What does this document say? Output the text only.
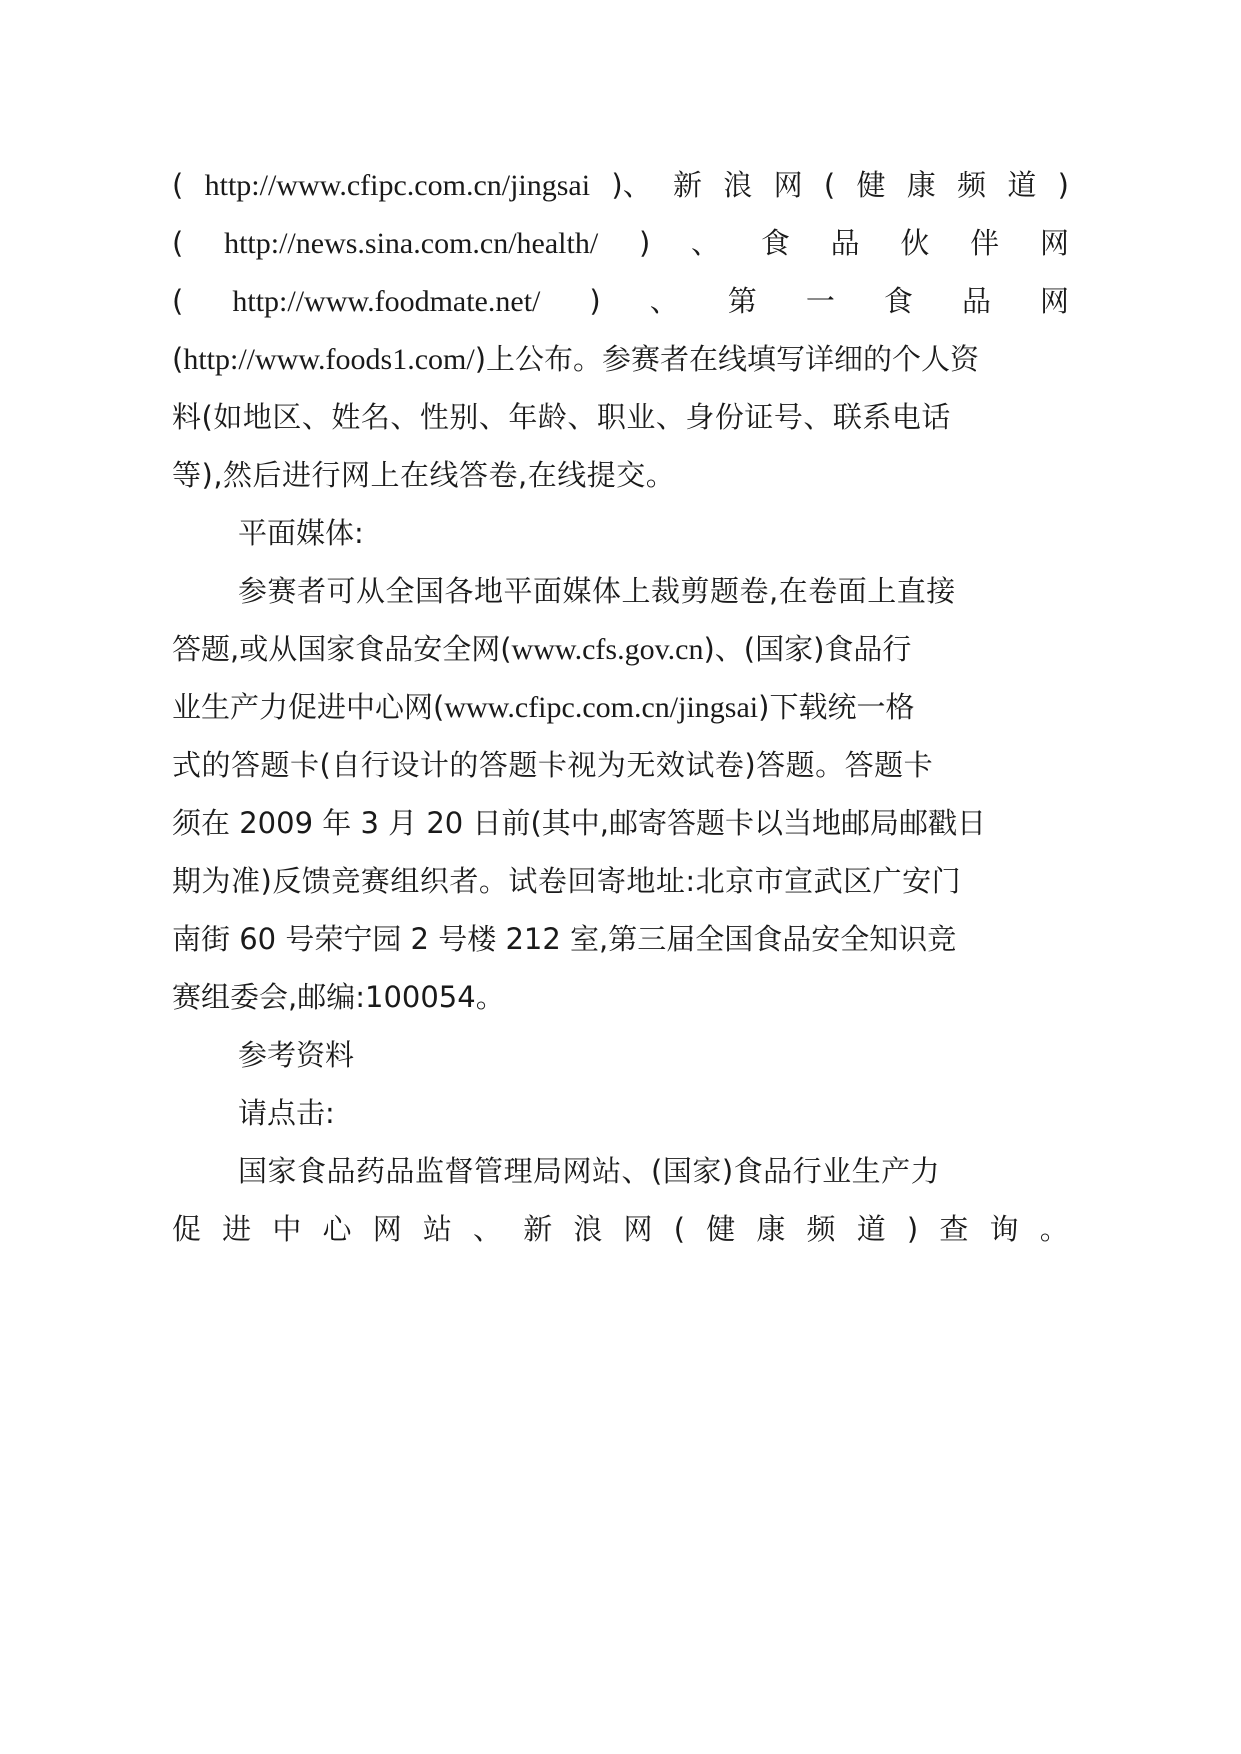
( http://www.cfipc.com.cn/jingsai )、 新 浪 网 ( 健 康 频 道 )
( http://news.sina.com.cn/health/ ) 、 食 品 伙 伴 网
( http://www.foodmate.net/ ) 、 第 一 食 品 网
(http://www.foods1.com/)上公布。参赛者在线填写详细的个人资
料(如地区、姓名、性别、年龄、职业、身份证号、联系电话
等),然后进行网上在线答卷,在线提交。
平面媒体:
参赛者可从全国各地平面媒体上裁剪题卷,在卷面上直接
答题,或从国家食品安全网(www.cfs.gov.cn)、(国家)食品行
业生产力促进中心网(www.cfipc.com.cn/jingsai)下载统一格
式的答题卡(自行设计的答题卡视为无效试卷)答题。答题卡
须在 2009 年 3 月 20 日前(其中,邮寄答题卡以当地邮局邮戳日
期为准)反馈竞赛组织者。试卷回寄地址:北京市宣武区广安门
南街 60 号荣宁园 2 号楼 212 室,第三届全国食品安全知识竞
赛组委会,邮编:100054。
参考资料
请点击:
国家食品药品监督管理局网站、(国家)食品行业生产力
促 进 中 心 网 站 、 新 浪 网 ( 健 康 频 道 ) 查 询 。
